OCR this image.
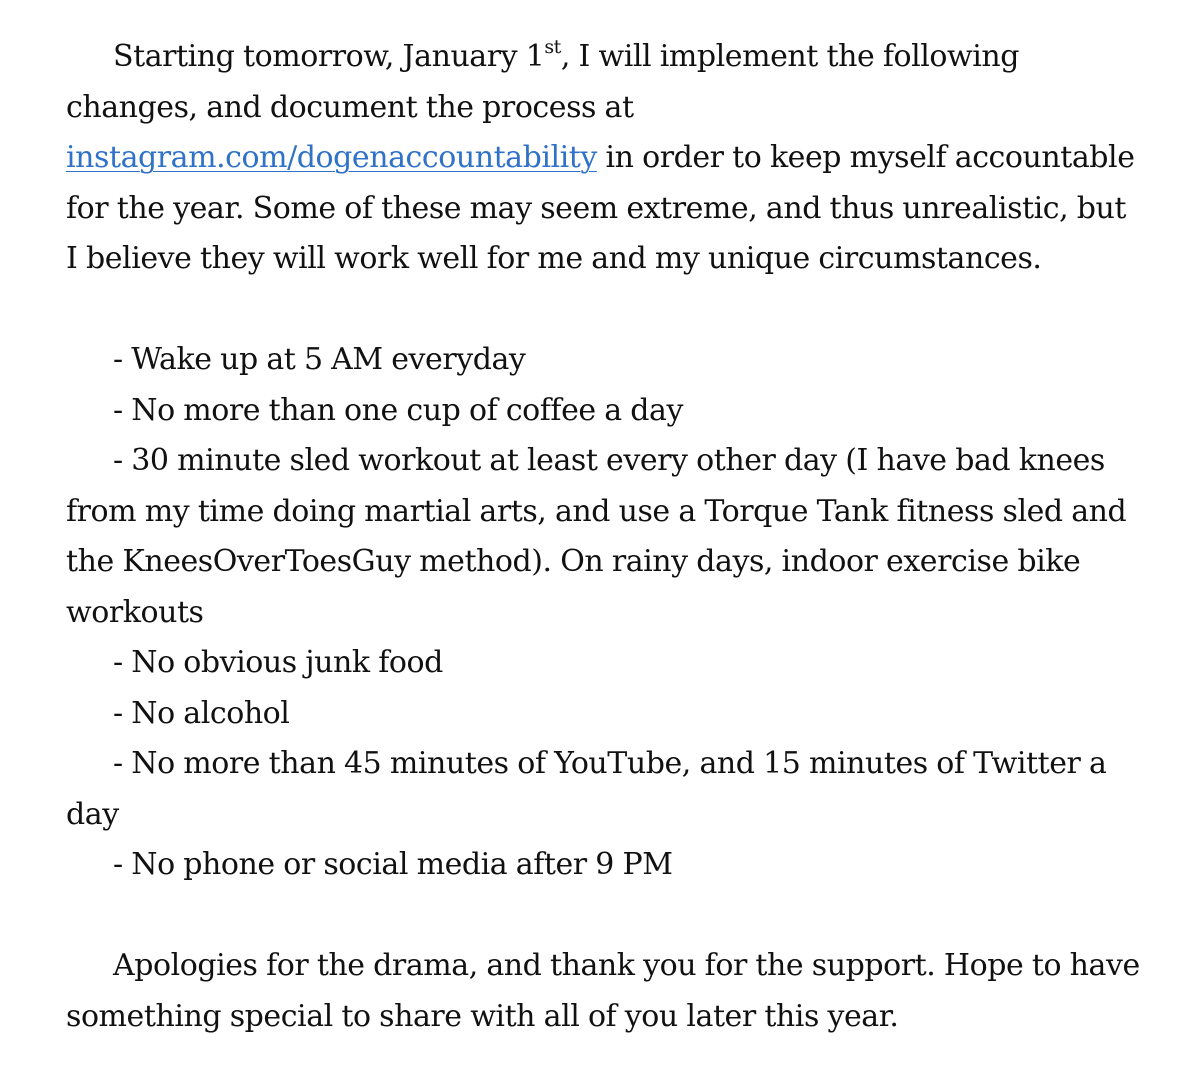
Starting tomorrow, January 1st, I will implement the following changes, and document the process at instagram.com/dogenaccountability in order to keep myself accountable for the year. Some of these may seem extreme, and thus unrealistic, but I believe they will work well for me and my unique circumstances.

- Wake up at 5 AM everyday

- No more than one cup of coffee a day

- 30 minute sled workout at least every other day (I have bad knees from my time doing martial arts, and use a Torque Tank fitness sled and the KneesOverToesGuy method). On rainy days, indoor exercise bike workouts

- No obvious junk food

- No alcohol

- No more than 45 minutes of YouTube, and 15 minutes of Twitter a day

- No phone or social media after 9 PM

Apologies for the drama, and thank you for the support. Hope to have something special to share with all of you later this year.
